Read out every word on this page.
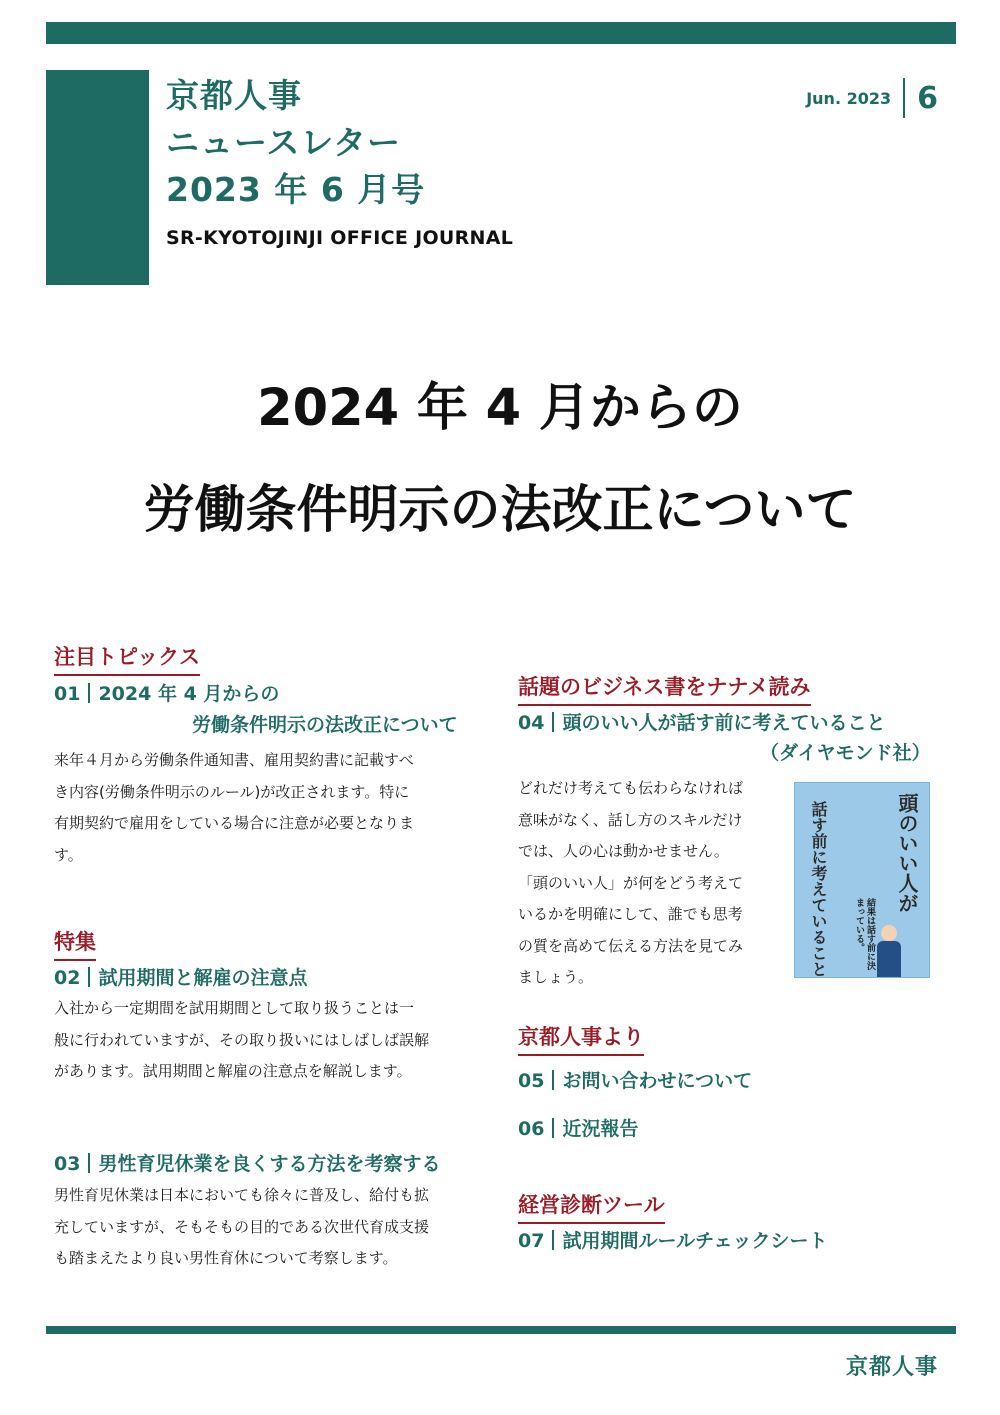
京都人事
ニュースレター
2023 年 6 月号
SR-KYOTOJINJI OFFICE JOURNAL
Jun. 2023 6
2024 年 4 月からの
労働条件明示の法改正について
注目トピックス
01 2024 年 4 月からの
労働条件明示の法改正について
来年４月から労働条件通知書、雇用契約書に記載すべ
き内容(労働条件明示のルール)が改正されます。特に
有期契約で雇用をしている場合に注意が必要となりま
す。
特集
02 試用期間と解雇の注意点
入社から一定期間を試用期間として取り扱うことは一
般に行われていますが、その取り扱いにはしばしば誤解
があります。試用期間と解雇の注意点を解説します。
03 男性育児休業を良くする方法を考察する
男性育児休業は日本においても徐々に普及し、給付も拡
充していますが、そもそもの目的である次世代育成支援
も踏まえたより良い男性育休について考察します。
話題のビジネス書をナナメ読み
04 頭のいい人が話す前に考えていること
（ダイヤモンド社）
どれだけ考えても伝わらなければ
意味がなく、話し方のスキルだけ
では、人の心は動かせません。
「頭のいい人」が何をどう考えて
いるかを明確にして、誰でも思考
の質を高めて伝える方法を見てみ
ましょう。
頭のいい人が
話す前に考えていること	結果は話す前に決まっている。
京都人事より
05 お問い合わせについて
06 近況報告
経営診断ツール
07 試用期間ルールチェックシート
京都人事
